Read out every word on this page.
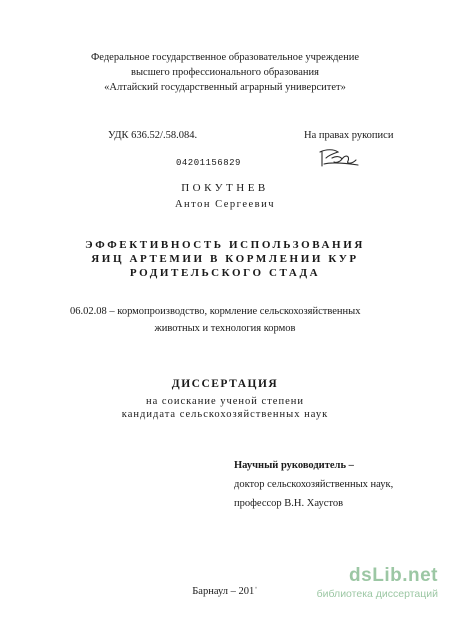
Федеральное государственное образовательное учреждение
высшего профессионального образования
«Алтайский государственный аграрный университет»
УДК 636.52/.58.084.	На правах рукописи
04201156829
ПОКУТНЕВ
Антон Сергеевич
ЭФФЕКТИВНОСТЬ ИСПОЛЬЗОВАНИЯ
ЯИЦ АРТЕМИИ В КОРМЛЕНИИ КУР
РОДИТЕЛЬСКОГО СТАДА
06.02.08 – кормопроизводство, кормление сельскохозяйственных
животных и технология кормов
ДИССЕРТАЦИЯ
на соискание ученой степени
кандидата сельскохозяйственных наук
Научный руководитель –
доктор сельскохозяйственных наук,
профессор В.Н. Хаустов
Барнаул – 201ˈ
dsLib.net
библиотека диссертаций
